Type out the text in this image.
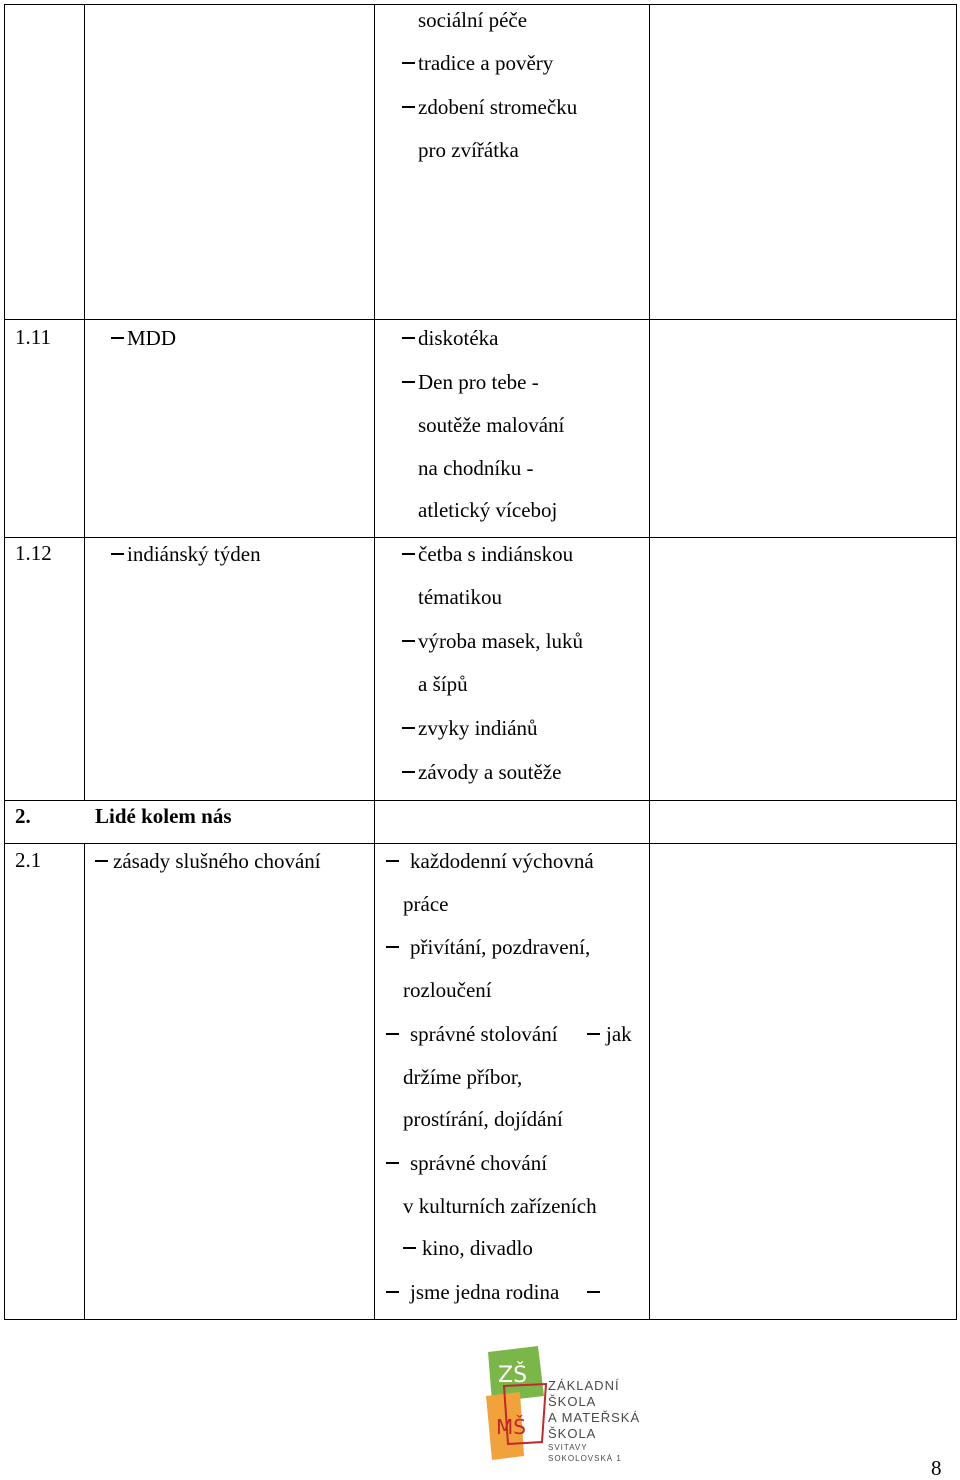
sociální péče
tradice a pověry
zdobení stromečku
pro zvířátka
1.11	MDD	diskotéka
Den pro tebe -
soutěže malování
na chodníku -
atletický víceboj
1.12	indiánský týden	četba s indiánskou
tématikou
výroba masek, luků
a šípů
zvyky indiánů
závody a soutěže
2.	Lidé kolem nás
2.1	zásady slušného chování	každodenní výchovná
práce
přivítání, pozdravení,
rozloučení
správné stolování jak
držíme příbor,
prostírání, dojídání
správné chování
v kulturních zařízeních
kino, divadlo
jsme jedna rodina
ZŠ
MŠ
ZÁKLADNÍ
ŠKOLA
A MATEŘSKÁ
ŠKOLA
SVITAVY
SOKOLOVSKÁ 1	8
